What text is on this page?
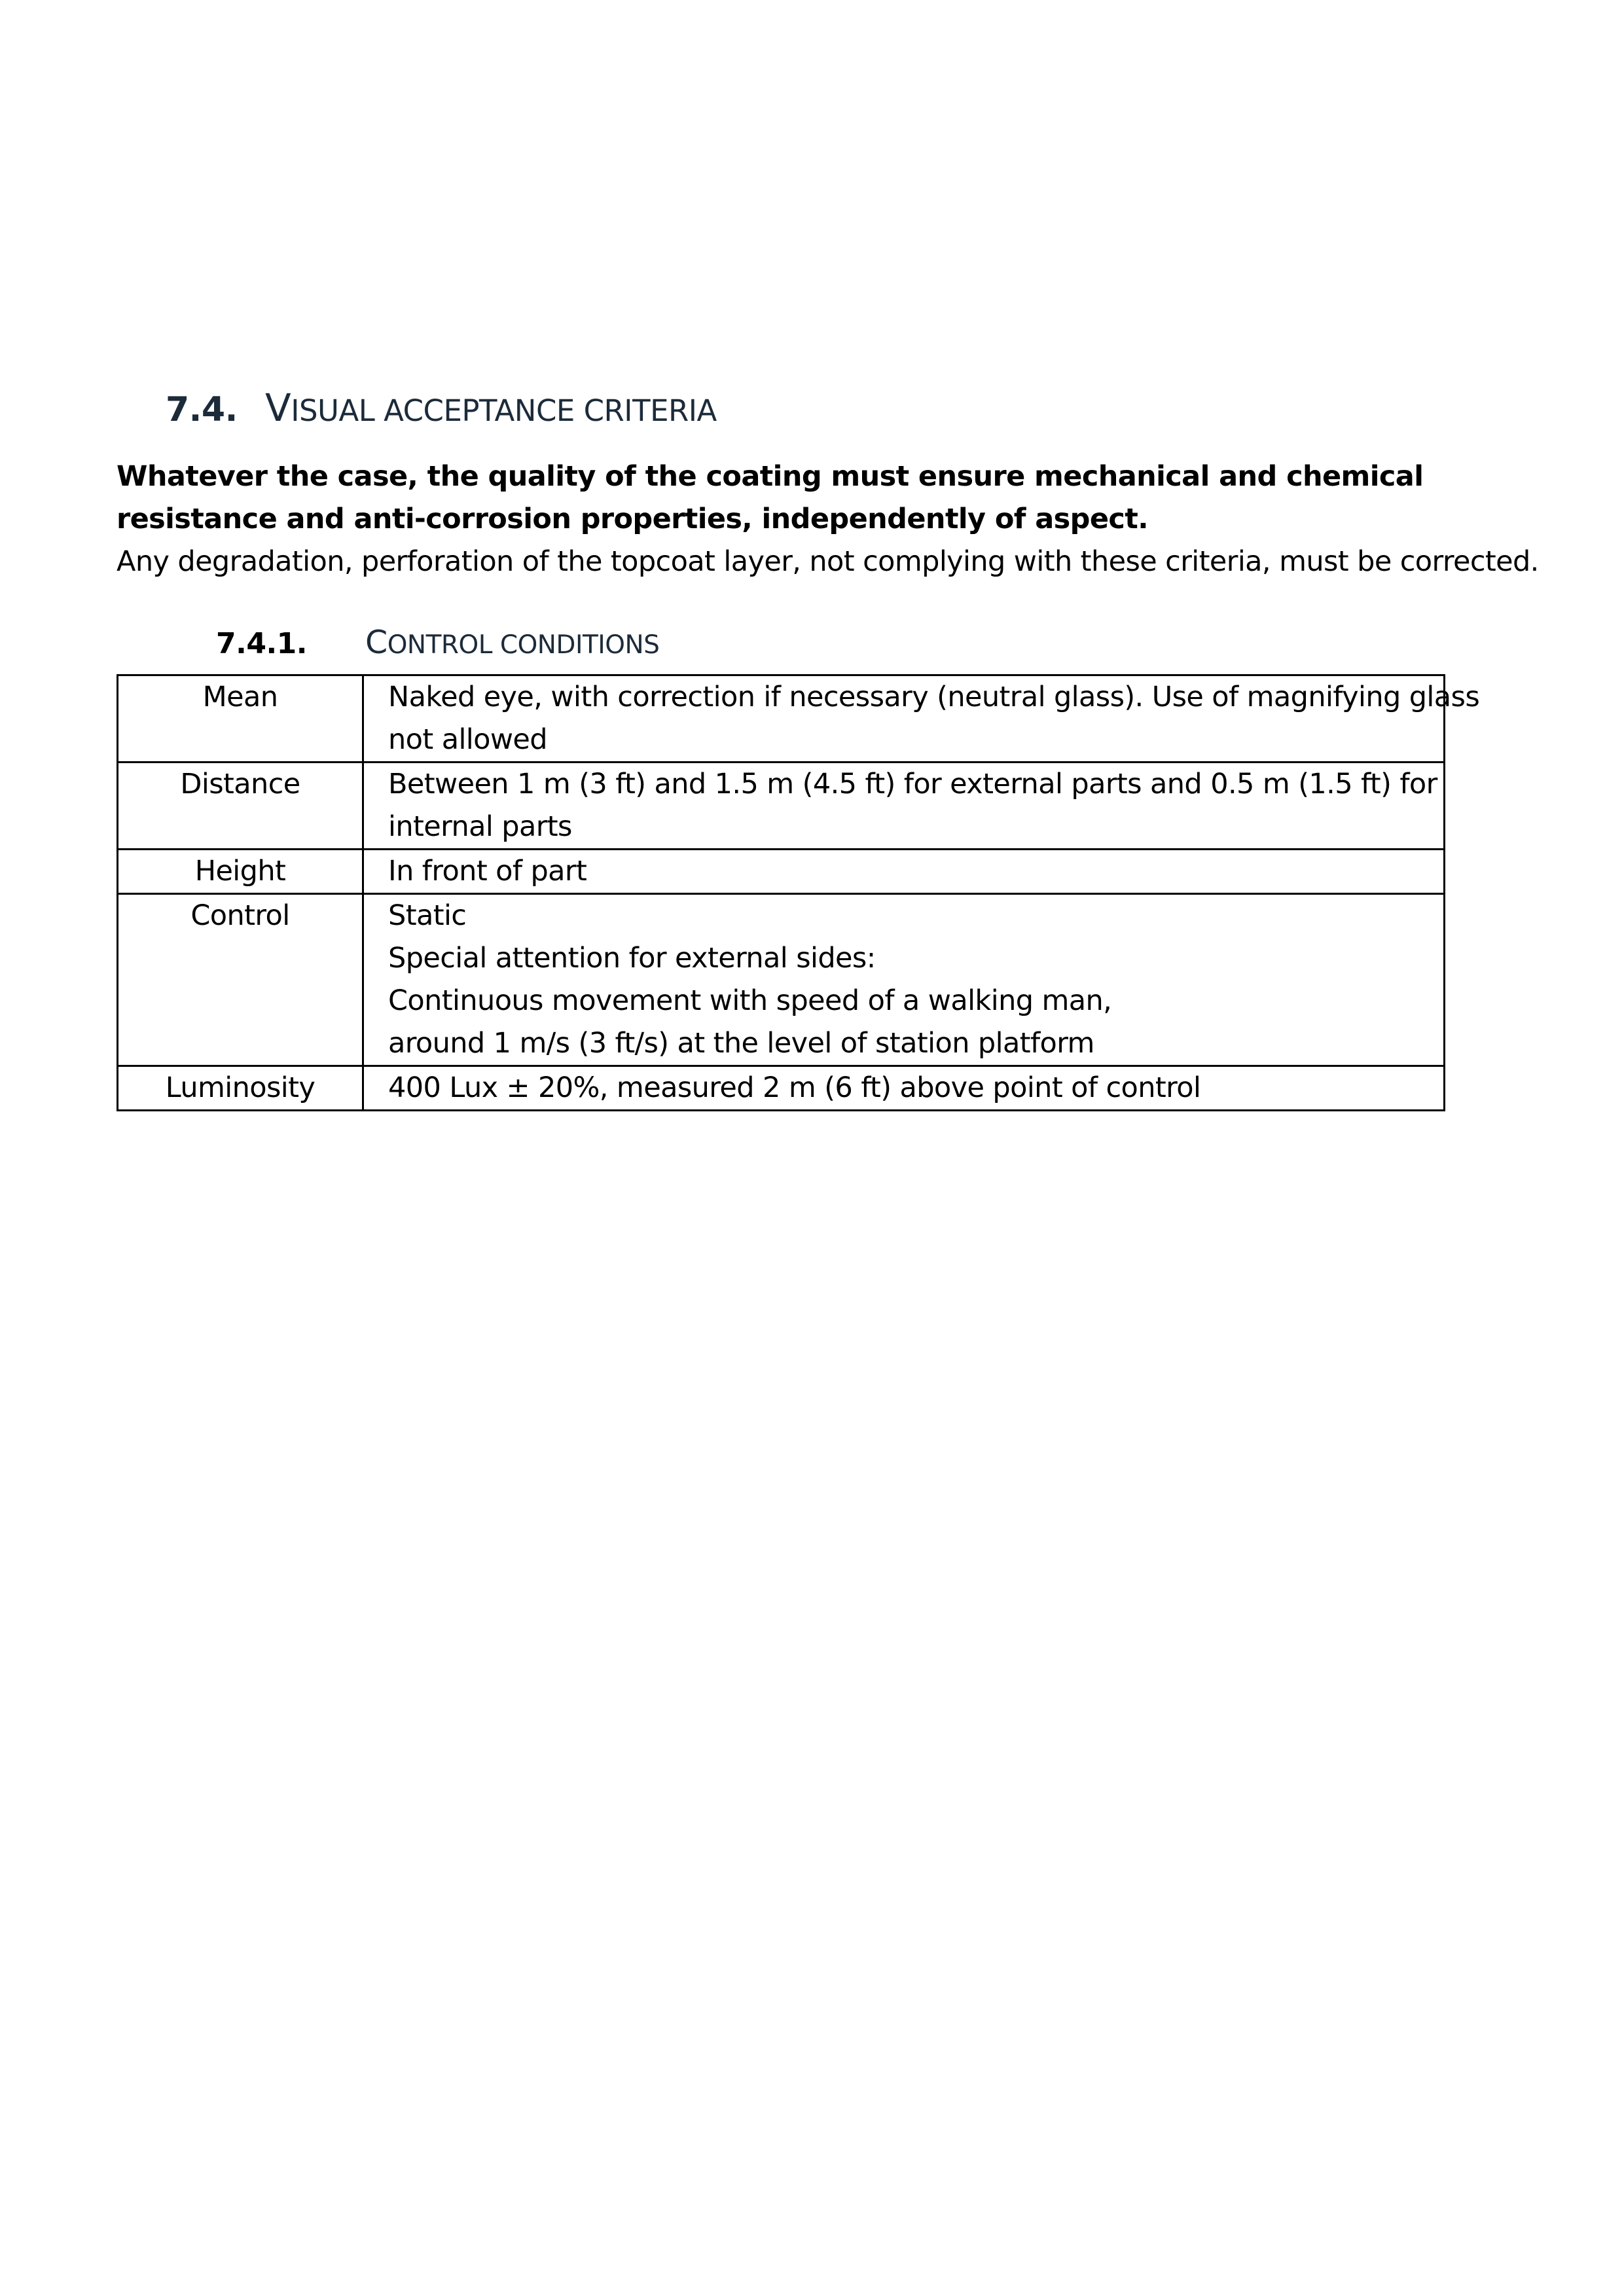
7.4. VISUAL ACCEPTANCE CRITERIA
Whatever the case, the quality of the coating must ensure mechanical and chemical resistance and anti-corrosion properties, independently of aspect.
Any degradation, perforation of the topcoat layer, not complying with these criteria, must be corrected.
7.4.1. CONTROL CONDITIONS
Mean	Naked eye, with correction if necessary (neutral glass). Use of magnifying glass
not allowed

Distance	Between 1 m (3 ft) and 1.5 m (4.5 ft) for external parts and 0.5 m (1.5 ft) for
internal parts

Height	In front of part

Control	Static
Special attention for external sides:
Continuous movement with speed of a walking man,
around 1 m/s (3 ft/s) at the level of station platform

Luminosity	400 Lux ± 20%, measured 2 m (6 ft) above point of control
